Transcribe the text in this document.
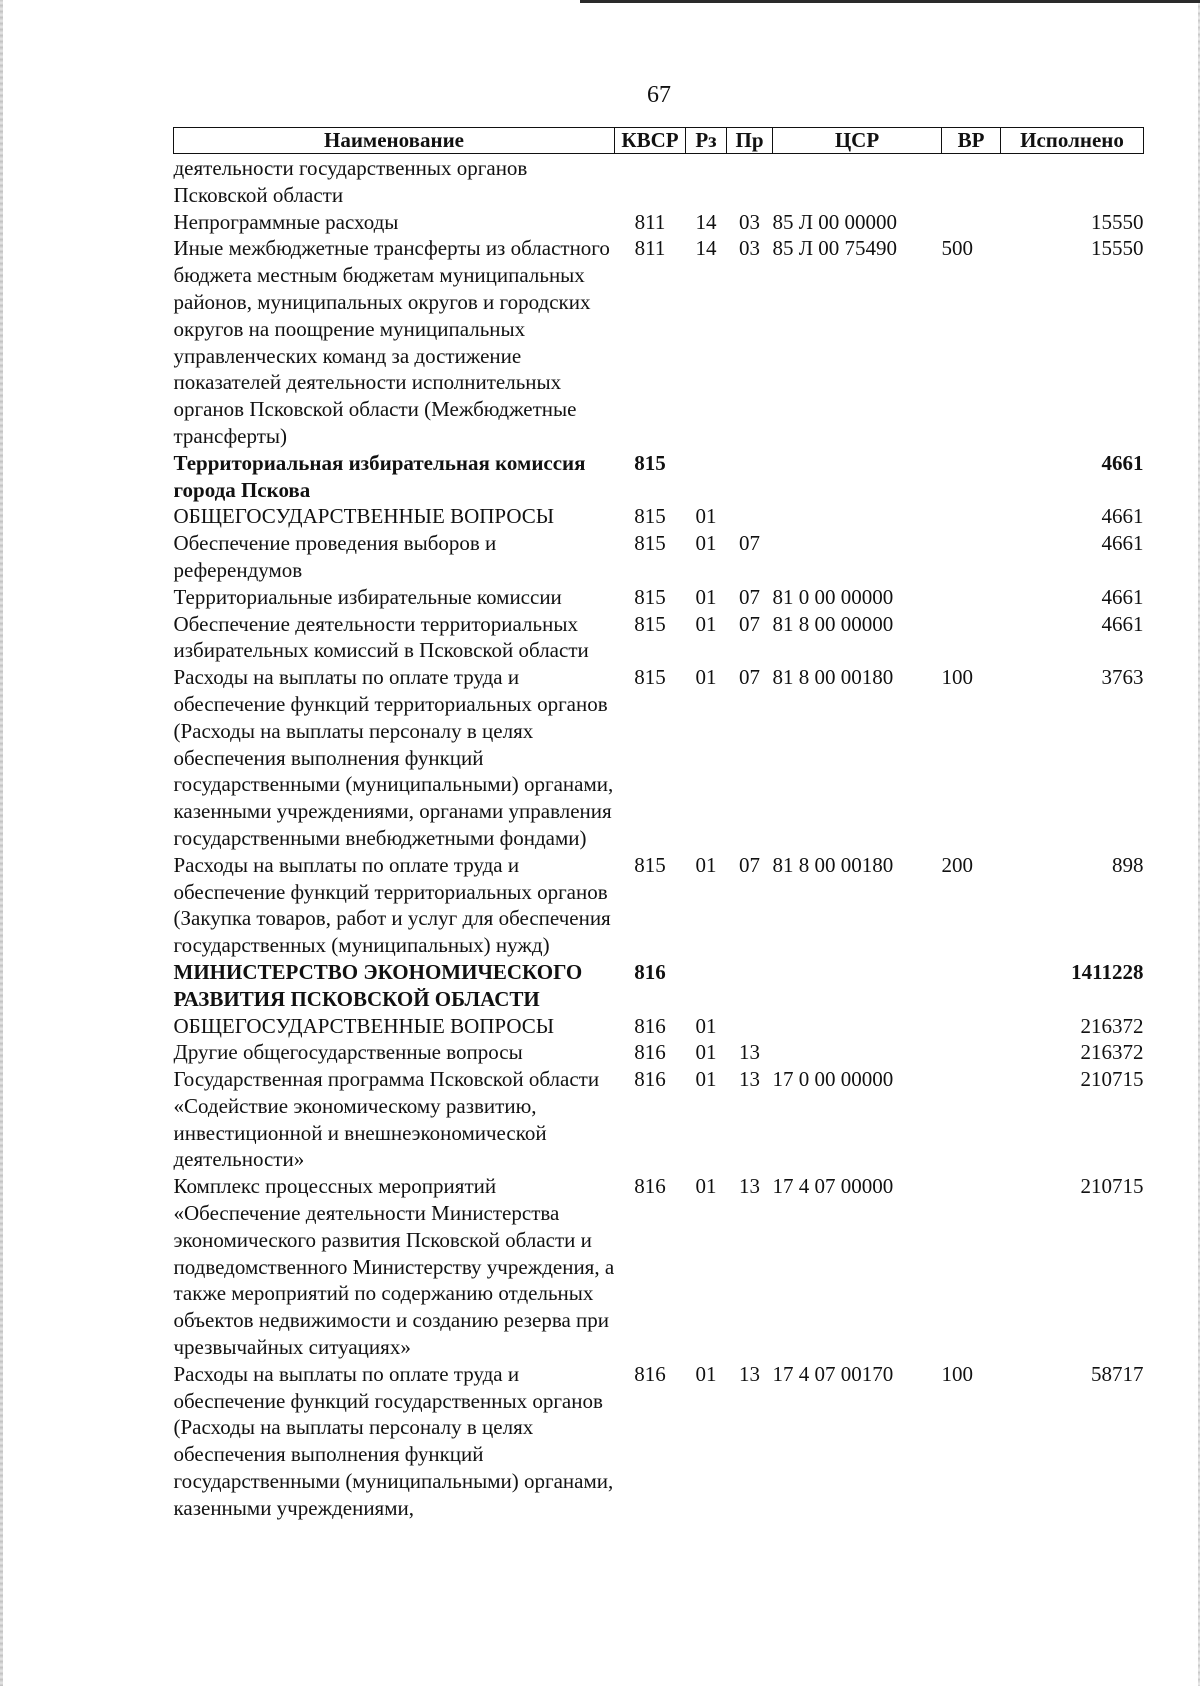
67
Наименование	КВСР	Рз	Пр	ЦСР	ВР	Исполнено
деятельности государственных органов Псковской области						
Непрограммные расходы	811	14	03	85 Л 00 00000		15550
Иные межбюджетные трансферты из областного бюджета местным бюджетам муниципальных районов, муниципальных округов и городских округов на поощрение муниципальных управленческих команд за достижение показателей деятельности исполнительных органов Псковской области (Межбюджетные трансферты)	811	14	03	85 Л 00 75490	500	15550
Территориальная избирательная комиссия города Пскова	815					4661
ОБЩЕГОСУДАРСТВЕННЫЕ ВОПРОСЫ	815	01				4661
Обеспечение проведения выборов и референдумов	815	01	07			4661
Территориальные избирательные комиссии	815	01	07	81 0 00 00000		4661
Обеспечение деятельности территориальных избирательных комиссий в Псковской области	815	01	07	81 8 00 00000		4661
Расходы на выплаты по оплате труда и обеспечение функций территориальных органов (Расходы на выплаты персоналу в целях обеспечения выполнения функций государственными (муниципальными) органами, казенными учреждениями, органами управления государственными внебюджетными фондами)	815	01	07	81 8 00 00180	100	3763
Расходы на выплаты по оплате труда и обеспечение функций территориальных органов (Закупка товаров, работ и услуг для обеспечения государственных (муниципальных) нужд)	815	01	07	81 8 00 00180	200	898
МИНИСТЕРСТВО ЭКОНОМИЧЕСКОГО РАЗВИТИЯ ПСКОВСКОЙ ОБЛАСТИ	816					1411228
ОБЩЕГОСУДАРСТВЕННЫЕ ВОПРОСЫ	816	01				216372
Другие общегосударственные вопросы	816	01	13			216372
Государственная программа Псковской области «Содействие экономическому развитию, инвестиционной и внешнеэкономической деятельности»	816	01	13	17 0 00 00000		210715
Комплекс процессных мероприятий «Обеспечение деятельности Министерства экономического развития Псковской области и подведомственного Министерству учреждения, а также мероприятий по содержанию отдельных объектов недвижимости и созданию резерва при чрезвычайных ситуациях»	816	01	13	17 4 07 00000		210715
Расходы на выплаты по оплате труда и обеспечение функций государственных органов (Расходы на выплаты персоналу в целях обеспечения выполнения функций государственными (муниципальными) органами, казенными учреждениями,	816	01	13	17 4 07 00170	100	58717
